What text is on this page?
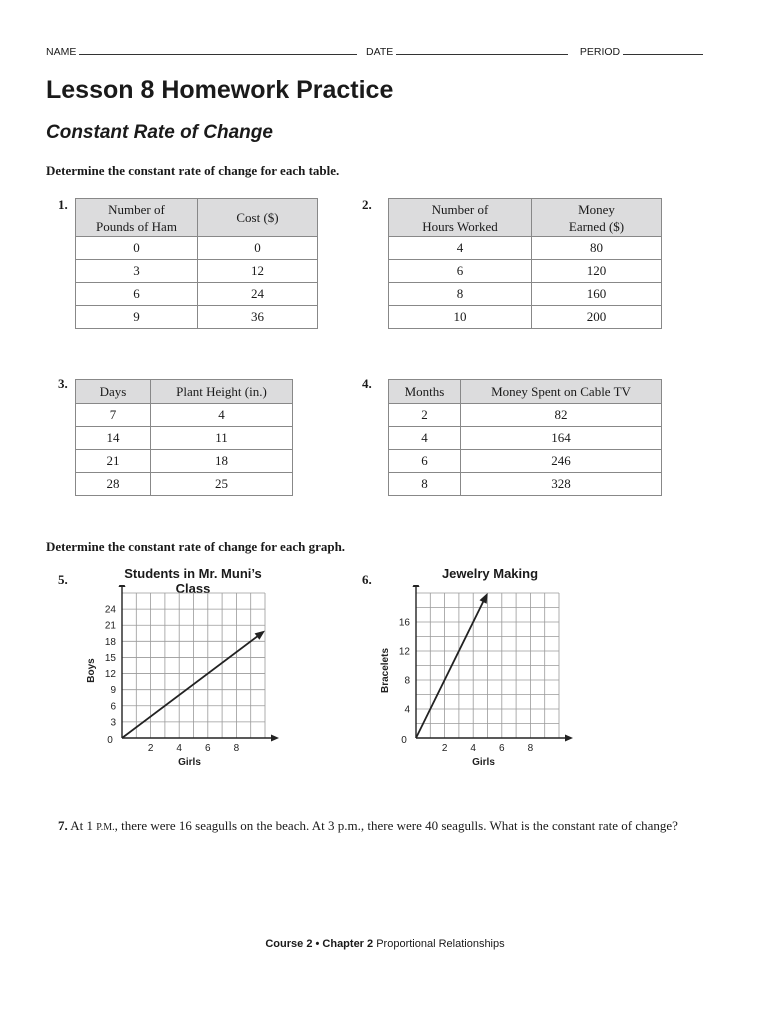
NAME	DATE	PERIOD
Lesson 8 Homework Practice
Constant Rate of Change
Determine the constant rate of change for each table.
1.	Number of
Pounds of Ham	Cost ($)
0	0
3	12
6	24
9	36
2.	Number of
Hours Worked	Money
Earned ($)
4	80
6	120
8	160
10	200
3.
Days	Plant Height (in.)
7	4
14	11
21	18
28	25
4.
Months	Money Spent on Cable TV
2	82
4	164
6	246
8	328
Determine the constant rate of change for each graph.
5.	Students in Mr. Muni’s Class
2 4 6 8
3
6
9
12
15
18
21
24
0
Girls
Boys
6.	Jewelry Making
2 4 6 8
4
8
12
16
0
Girls
Bracelets
7. At 1 P.M., there were 16 seagulls on the beach. At 3 p.m., there were 40 seagulls. What is the constant rate of change?
Course 2 • Chapter 2 Proportional Relationships
